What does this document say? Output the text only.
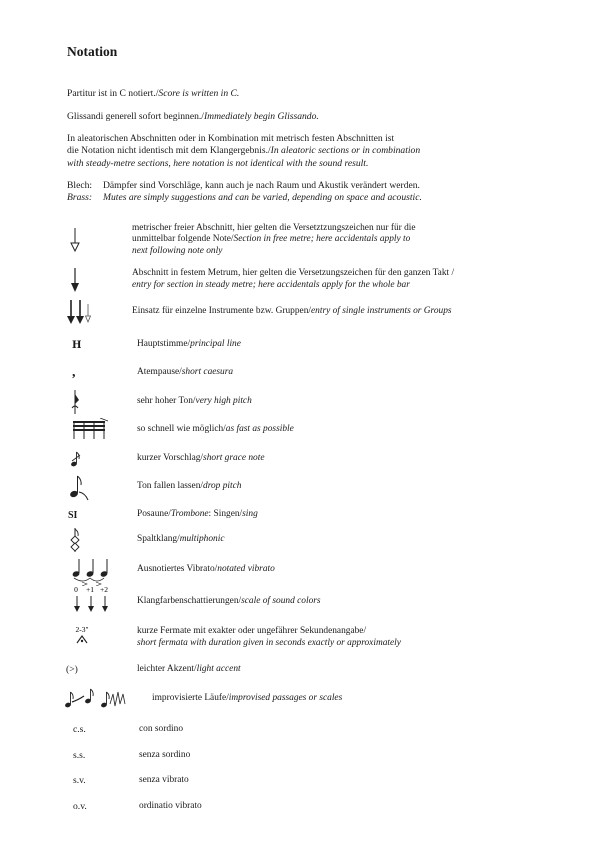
Notation

Partitur ist in C notiert./Score is written in C.

Glissandi generell sofort beginnen./Immediately begin Glissando.

In aleatorischen Abschnitten oder in Kombination mit metrisch festen Abschnitten ist
die Notation nicht identisch mit dem Klangergebnis./In aleatoric sections or in combination
with steady-metre sections, here notation is not identical with the sound result.

Blech:	Dämpfer sind Vorschläge, kann auch je nach Raum und Akustik verändert werden.
Brass:	Mutes are simply suggestions and can be varied, depending on space and acoustic.
metrischer freier Abschnitt, hier gelten die Versetztzungszeichen nur für die
unmittelbar folgende Note/Section in free metre; here accidentals apply to
next following note only
Abschnitt in festem Metrum, hier gelten die Versetzungszeichen für den ganzen Takt /
entry for section in steady metre; here accidentals apply for the whole bar
Einsatz für einzelne Instrumente bzw. Gruppen/entry of single instruments or Groups
H	Hauptstimme/principal line
,	Atempause/short caesura
sehr hoher Ton/very high pitch
so schnell wie möglich/as fast as possible
kurzer Vorschlag/short grace note
Ton fallen lassen/drop pitch
SI	Posaune/Trombone: Singen/sing
Spaltklang/multiphonic
Ausnotiertes Vibrato/notated vibrato
0 +1 +2
Klangfarbenschattierungen/scale of sound colors
2-3"	kurze Fermate mit exakter oder ungefährer Sekundenangabe/
short fermata with duration given in seconds exactly or approximately
(>)	leichter Akzent/light accent
improvisierte Läufe/improvised passages or scales
c.s.	con sordino
s.s.	senza sordino
s.v.	senza vibrato
o.v.	ordinatio vibrato
